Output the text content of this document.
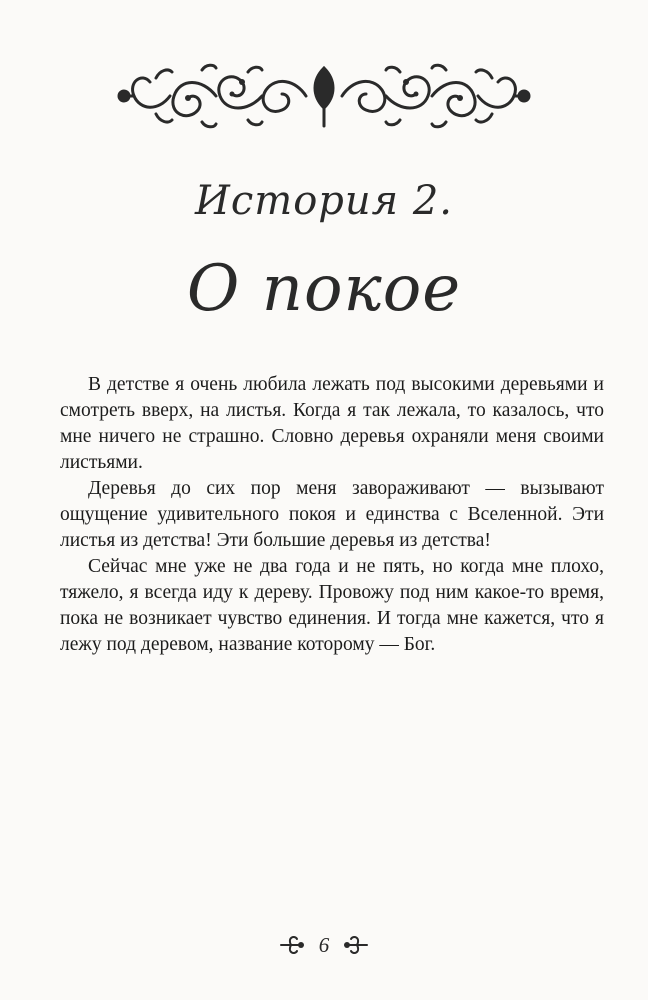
История 2.
О покое

В детстве я очень любила лежать под высокими деревьями и смотреть вверх, на листья. Когда я так лежала, то казалось, что мне ничего не страшно. Словно деревья охраняли меня своими листьями.

Деревья до сих пор меня завораживают — вызывают ощущение удивительного покоя и единства с Вселенной. Эти листья из детства! Эти большие деревья из детства!

Сейчас мне уже не два года и не пять, но когда мне плохо, тяжело, я всегда иду к дереву. Провожу под ним какое-то время, пока не возникает чувство единения. И тогда мне кажется, что я лежу под деревом, название которому — Бог.

6
